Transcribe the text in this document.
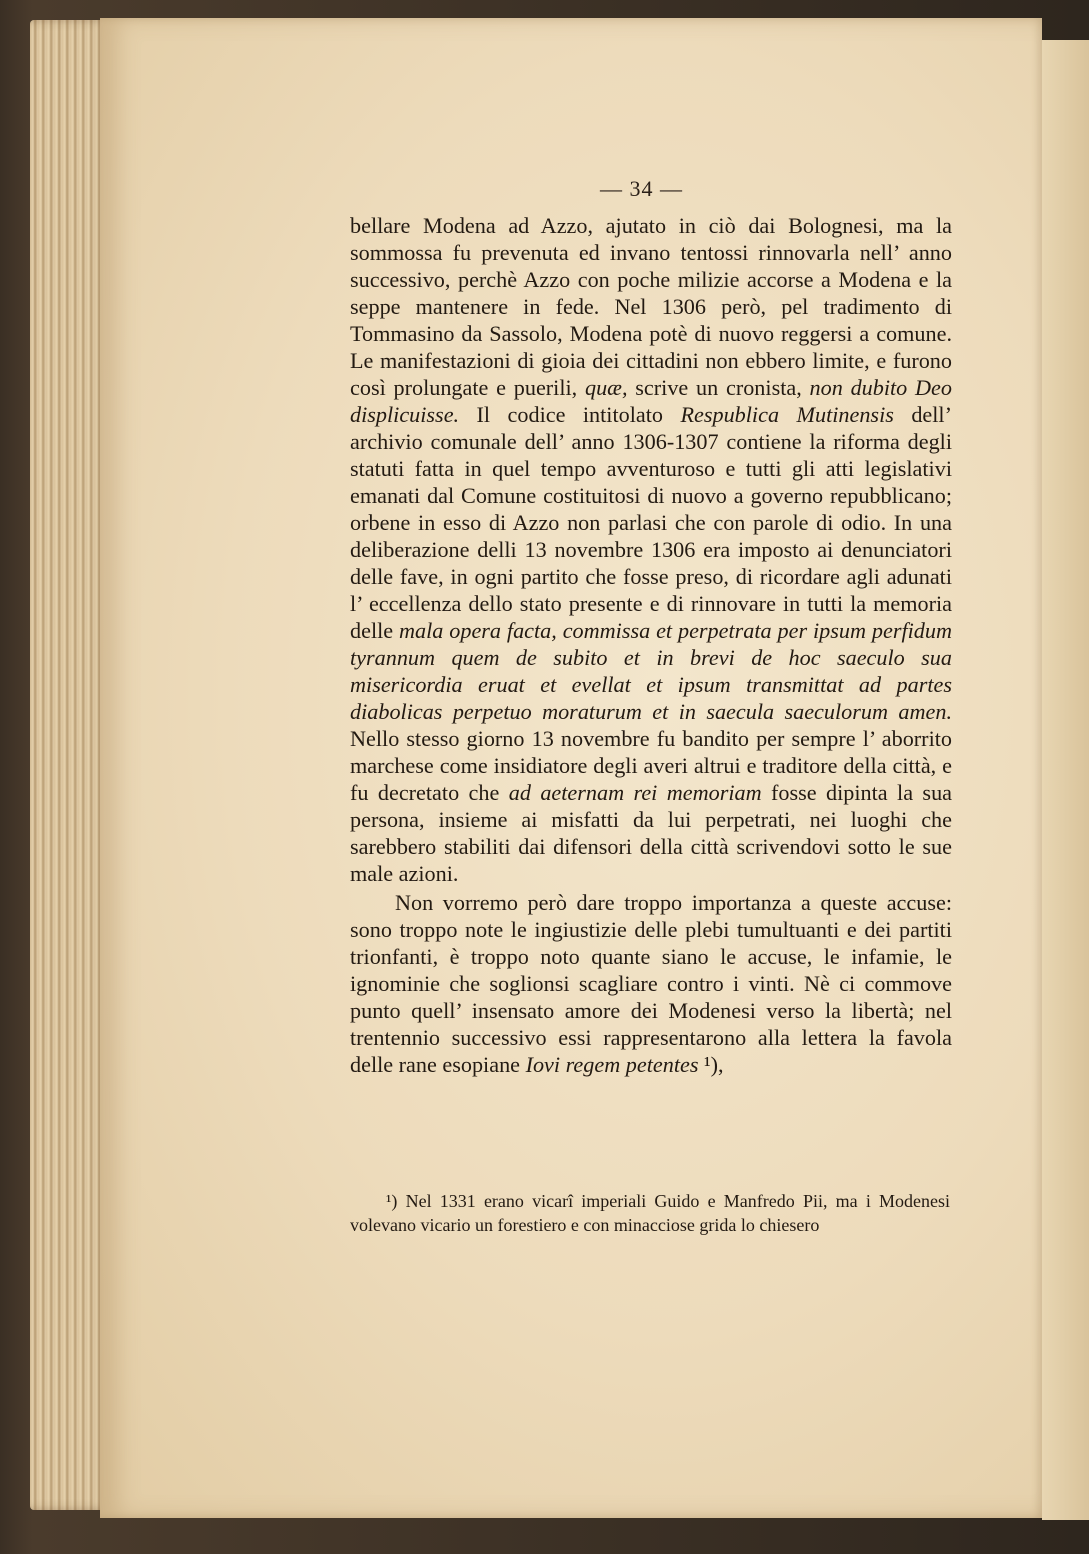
— 34 —

bellare Modena ad Azzo, ajutato in ciò dai Bolognesi, ma la sommossa fu prevenuta ed invano tentossi rinnovarla nell’ anno successivo, perchè Azzo con poche milizie accorse a Modena e la seppe mantenere in fede. Nel 1306 però, pel tradimento di Tommasino da Sassolo, Modena potè di nuovo reggersi a comune. Le manifestazioni di gioia dei cittadini non ebbero limite, e furono così prolungate e puerili, quæ, scrive un cronista, non dubito Deo displicuisse. Il codice intitolato Respublica Mutinensis dell’ archivio comunale dell’ anno 1306-1307 contiene la riforma degli statuti fatta in quel tempo avventuroso e tutti gli atti legislativi emanati dal Comune costituitosi di nuovo a governo repubblicano; orbene in esso di Azzo non parlasi che con parole di odio. In una deliberazione delli 13 novembre 1306 era imposto ai denunciatori delle fave, in ogni partito che fosse preso, di ricordare agli adunati l’ eccellenza dello stato presente e di rinnovare in tutti la memoria delle mala opera facta, commissa et perpetrata per ipsum perfidum tyrannum quem de subito et in brevi de hoc saeculo sua misericordia eruat et evellat et ipsum transmittat ad partes diabolicas perpetuo moraturum et in saecula saeculorum amen. Nello stesso giorno 13 novembre fu bandito per sempre l’ aborrito marchese come insidiatore degli averi altrui e traditore della città, e fu decretato che ad aeternam rei memoriam fosse dipinta la sua persona, insieme ai misfatti da lui perpetrati, nei luoghi che sarebbero stabiliti dai difensori della città scrivendovi sotto le sue male azioni.

Non vorremo però dare troppo importanza a queste accuse: sono troppo note le ingiustizie delle plebi tumultuanti e dei partiti trionfanti, è troppo noto quante siano le accuse, le infamie, le ignominie che soglionsi scagliare contro i vinti. Nè ci commove punto quell’ insensato amore dei Modenesi verso la libertà; nel trentennio successivo essi rappresentarono alla lettera la favola delle rane esopiane Iovi regem petentes ¹),

¹) Nel 1331 erano vicarî imperiali Guido e Manfredo Pii, ma i Modenesi volevano vicario un forestiero e con minacciose grida lo chiesero
